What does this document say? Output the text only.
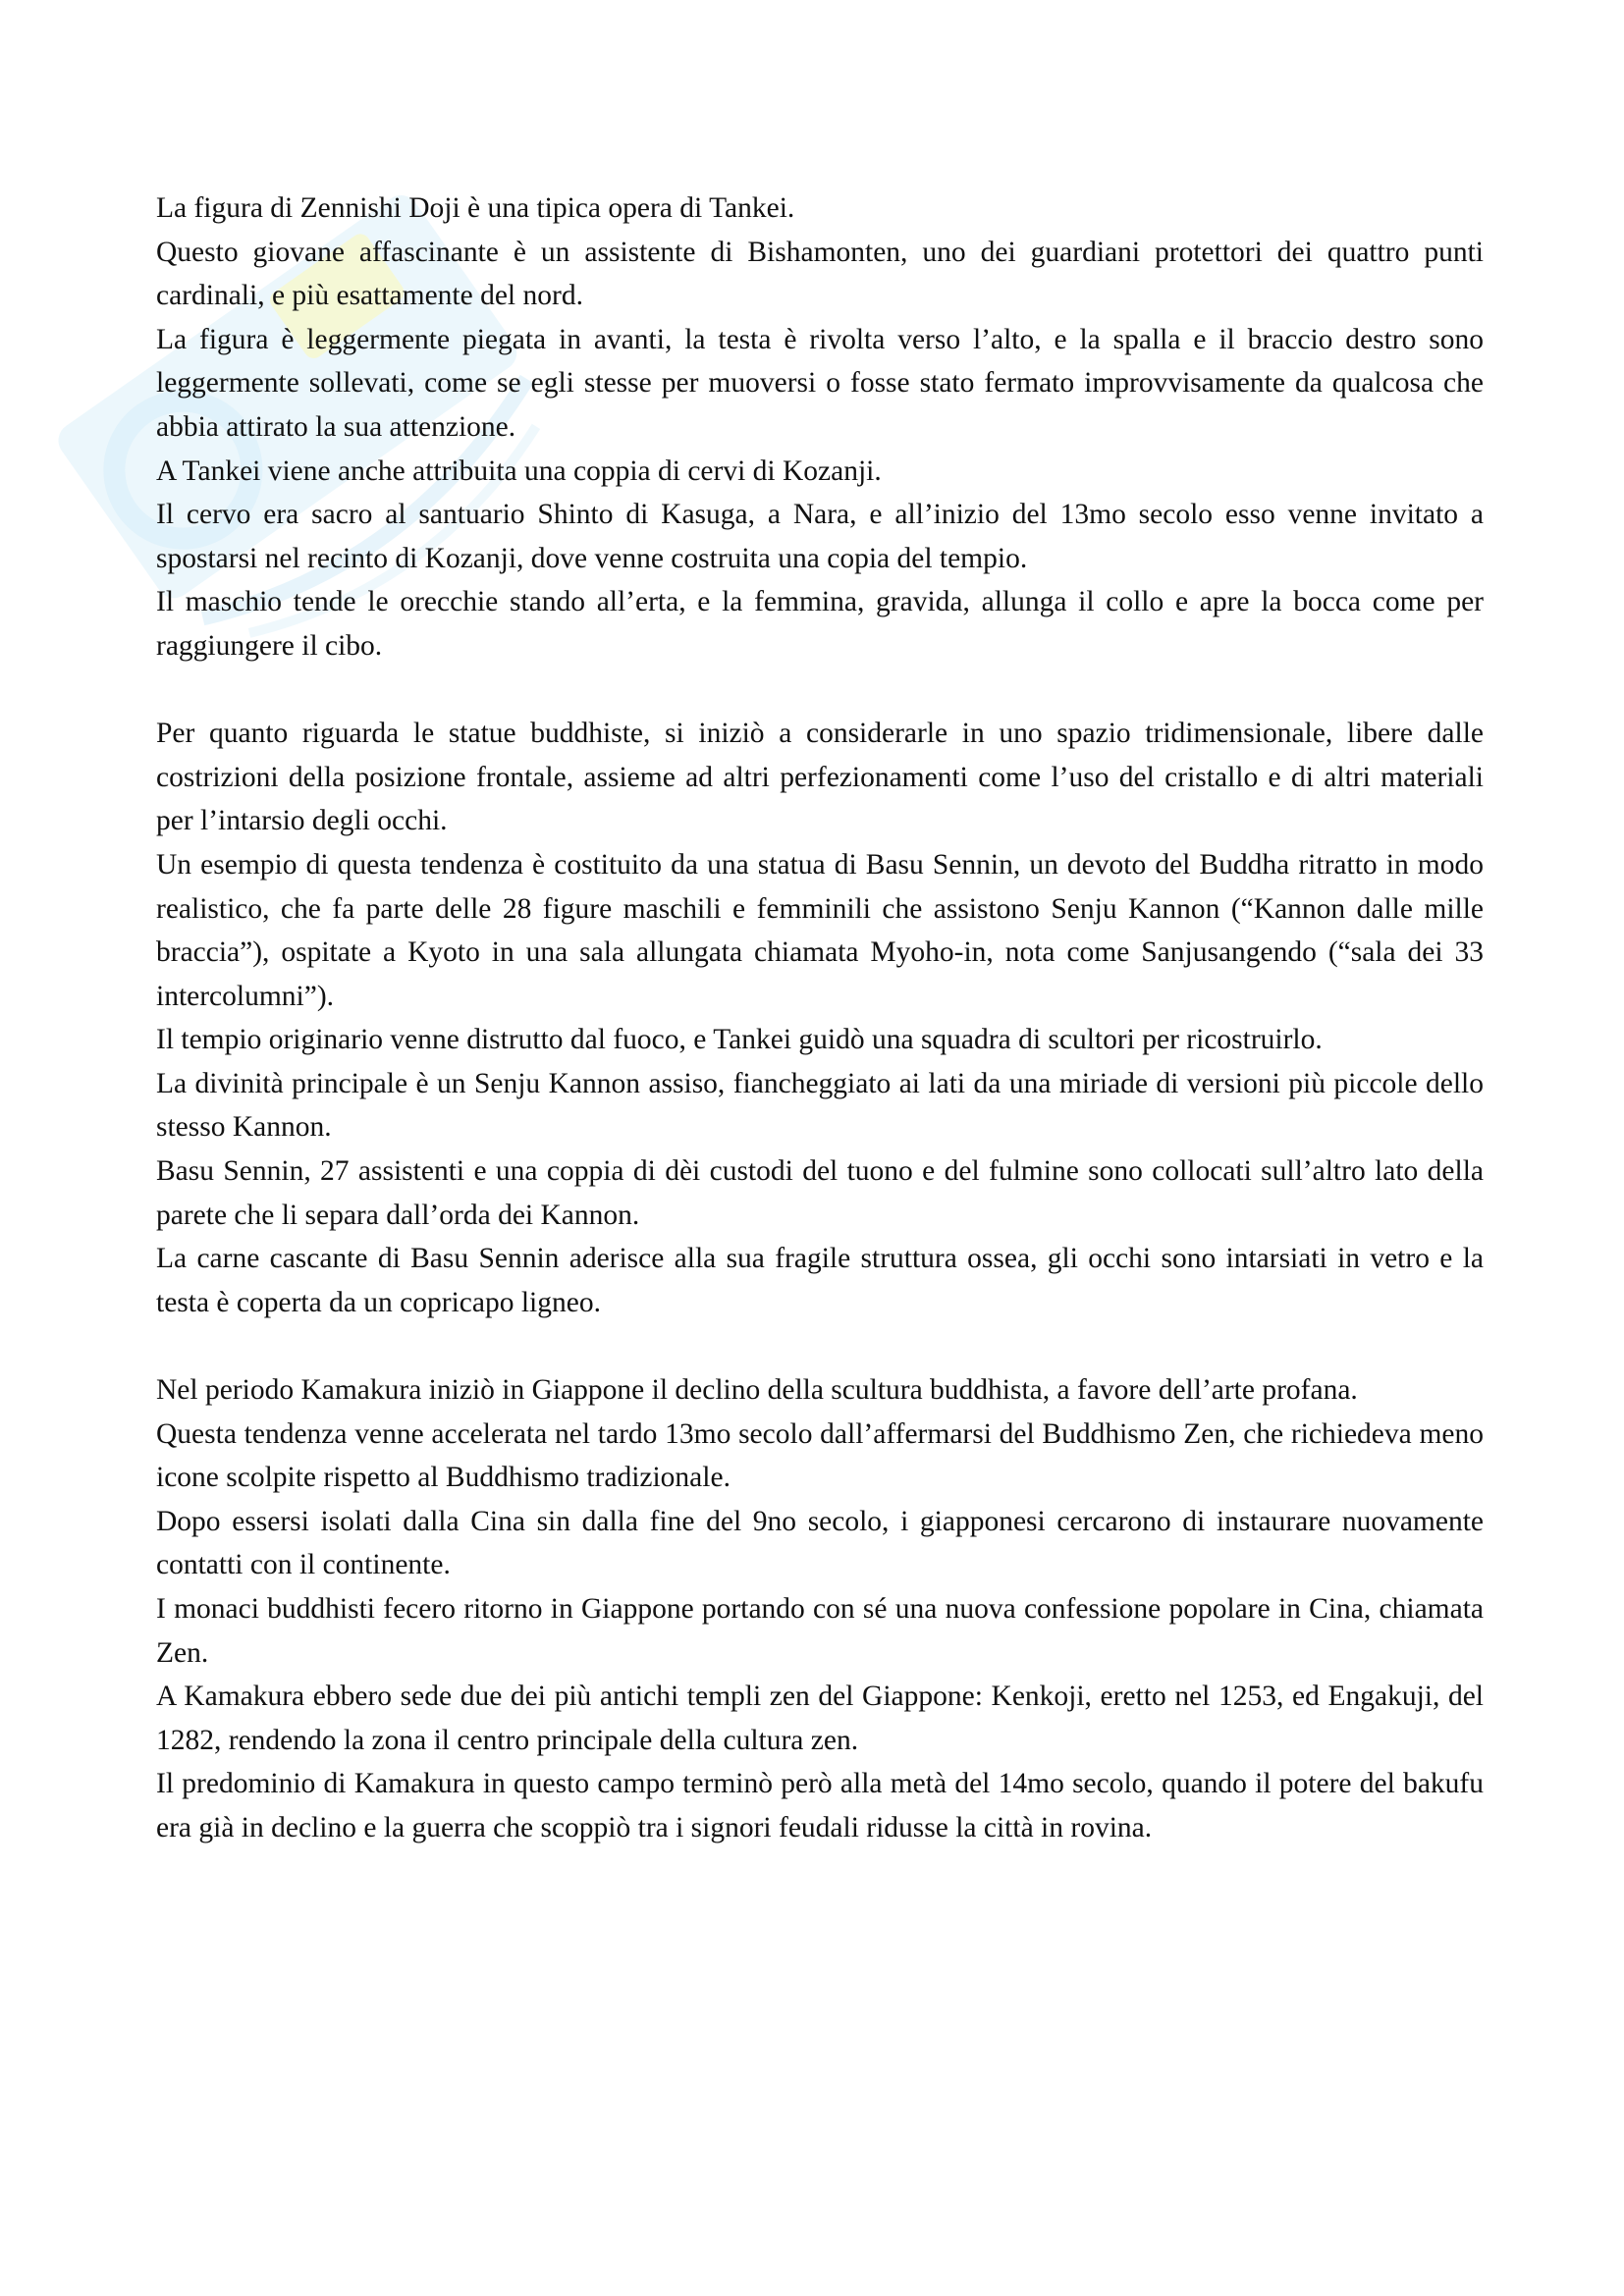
La figura di Zennishi Doji è una tipica opera di Tankei.

Questo giovane affascinante è un assistente di Bishamonten, uno dei guardiani protettori dei quattro punti cardinali, e più esattamente del nord.

La figura è leggermente piegata in avanti, la testa è rivolta verso l’alto, e la spalla e il braccio destro sono leggermente sollevati, come se egli stesse per muoversi o fosse stato fermato improvvisamente da qualcosa che abbia attirato la sua attenzione.

A Tankei viene anche attribuita una coppia di cervi di Kozanji.

Il cervo era sacro al santuario Shinto di Kasuga, a Nara, e all’inizio del 13mo secolo esso venne invitato a spostarsi nel recinto di Kozanji, dove venne costruita una copia del tempio.

Il maschio tende le orecchie stando all’erta, e la femmina, gravida, allunga il collo e apre la bocca come per raggiungere il cibo.

Per quanto riguarda le statue buddhiste, si iniziò a considerarle in uno spazio tridimensionale, libere dalle costrizioni della posizione frontale, assieme ad altri perfezionamenti come l’uso del cristallo e di altri materiali per l’intarsio degli occhi.

Un esempio di questa tendenza è costituito da una statua di Basu Sennin, un devoto del Buddha ritratto in modo realistico, che fa parte delle 28 figure maschili e femminili che assistono Senju Kannon (“Kannon dalle mille braccia”), ospitate a Kyoto in una sala allungata chiamata Myoho-in, nota come Sanjusangendo (“sala dei 33 intercolumni”).

Il tempio originario venne distrutto dal fuoco, e Tankei guidò una squadra di scultori per ricostruirlo.

La divinità principale è un Senju Kannon assiso, fiancheggiato ai lati da una miriade di versioni più piccole dello stesso Kannon.

Basu Sennin, 27 assistenti e una coppia di dèi custodi del tuono e del fulmine sono collocati sull’altro lato della parete che li separa dall’orda dei Kannon.

La carne cascante di Basu Sennin aderisce alla sua fragile struttura ossea, gli occhi sono intarsiati in vetro e la testa è coperta da un copricapo ligneo.

Nel periodo Kamakura iniziò in Giappone il declino della scultura buddhista, a favore dell’arte profana.

Questa tendenza venne accelerata nel tardo 13mo secolo dall’affermarsi del Buddhismo Zen, che richiedeva meno icone scolpite rispetto al Buddhismo tradizionale.

Dopo essersi isolati dalla Cina sin dalla fine del 9no secolo, i giapponesi cercarono di instaurare nuovamente contatti con il continente.

I monaci buddhisti fecero ritorno in Giappone portando con sé una nuova confessione popolare in Cina, chiamata Zen.

A Kamakura ebbero sede due dei più antichi templi zen del Giappone: Kenkoji, eretto nel 1253, ed Engakuji, del 1282, rendendo la zona il centro principale della cultura zen.

Il predominio di Kamakura in questo campo terminò però alla metà del 14mo secolo, quando il potere del bakufu era già in declino e la guerra che scoppiò tra i signori feudali ridusse la città in rovina.
